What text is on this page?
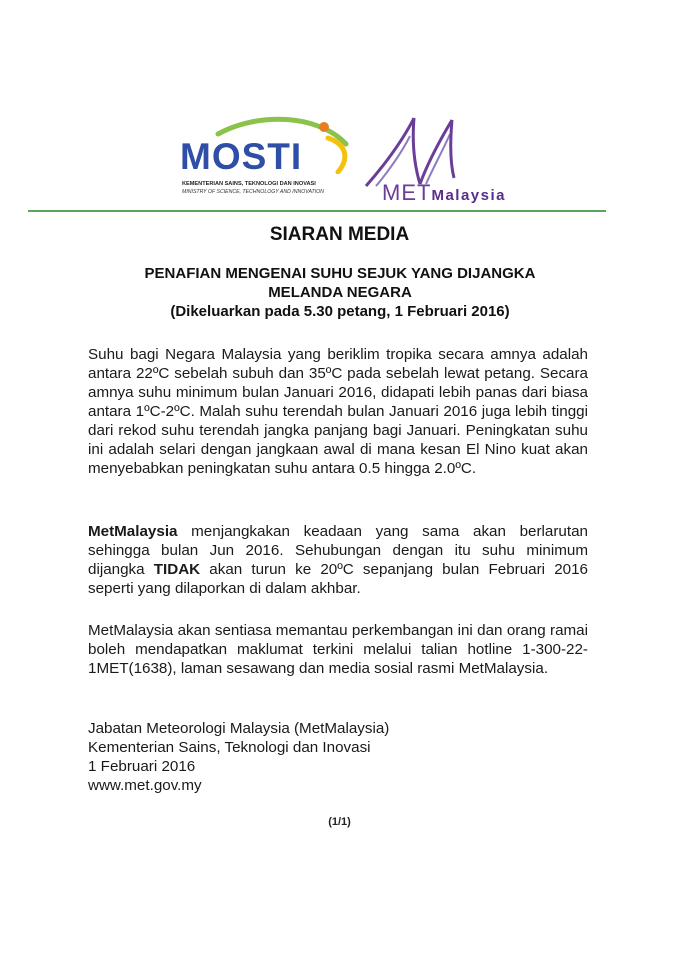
MOSTI
KEMENTERIAN SAINS, TEKNOLOGI DAN INOVASI
MINISTRY OF SCIENCE, TECHNOLOGY AND INNOVATION	METMalaysia
SIARAN MEDIA
PENAFIAN MENGENAI SUHU SEJUK YANG DIJANGKA
MELANDA NEGARA
(Dikeluarkan pada 5.30 petang, 1 Februari 2016)
Suhu bagi Negara Malaysia yang beriklim tropika secara amnya adalah antara 22ºC sebelah subuh dan 35ºC pada sebelah lewat petang. Secara amnya suhu minimum bulan Januari 2016, didapati lebih panas dari biasa antara 1ºC-2ºC. Malah suhu terendah bulan Januari 2016 juga lebih tinggi dari rekod suhu terendah jangka panjang bagi Januari. Peningkatan suhu ini adalah selari dengan jangkaan awal di mana kesan El Nino kuat akan menyebabkan peningkatan suhu antara 0.5 hingga 2.0ºC.
MetMalaysia menjangkakan keadaan yang sama akan berlarutan sehingga bulan Jun 2016. Sehubungan dengan itu suhu minimum dijangka TIDAK akan turun ke 20ºC sepanjang bulan Februari 2016 seperti yang dilaporkan di dalam akhbar.
MetMalaysia akan sentiasa memantau perkembangan ini dan orang ramai boleh mendapatkan maklumat terkini melalui talian hotline 1-300-22-1MET(1638), laman sesawang dan media sosial rasmi MetMalaysia.
Jabatan Meteorologi Malaysia (MetMalaysia)
Kementerian Sains, Teknologi dan Inovasi
1 Februari 2016
www.met.gov.my
(1/1)
